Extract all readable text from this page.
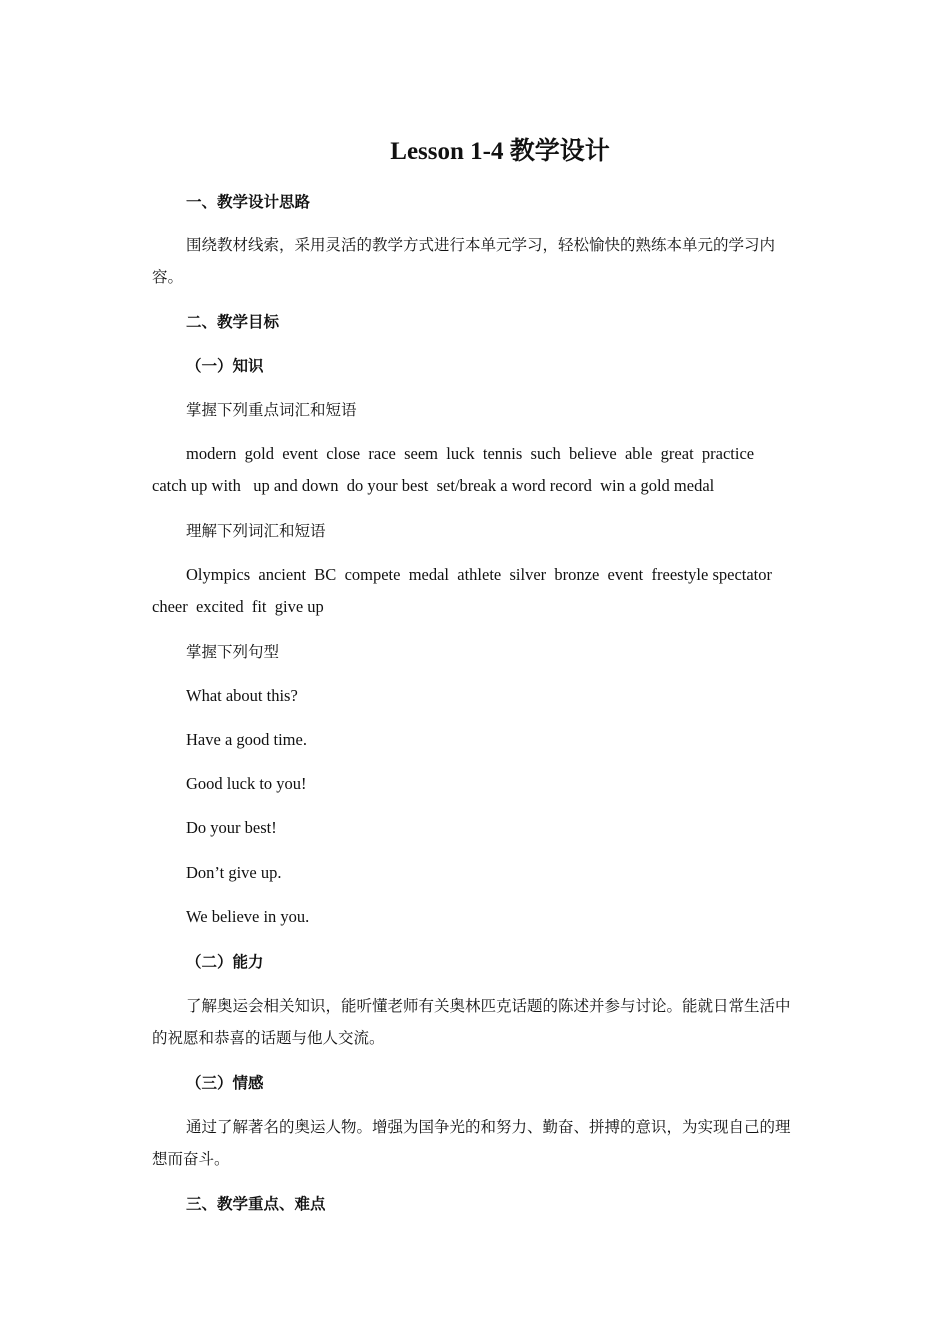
Lesson 1-4 教学设计

一、教学设计思路

围绕教材线索，采用灵活的教学方式进行本单元学习，轻松愉快的熟练本单元的学习内容。

二、教学目标

（一）知识

掌握下列重点词汇和短语

modern  gold  event  close  race  seem  luck  tennis  such  believe  able  great  practice
catch up with   up and down  do your best  set/break a word record  win a gold medal

理解下列词汇和短语

Olympics  ancient  BC  compete  medal  athlete  silver  bronze  event  freestyle spectator
cheer  excited  fit  give up

掌握下列句型

What about this?

Have a good time.

Good luck to you!

Do your best!

Don’t give up.

We believe in you.

（二）能力

了解奥运会相关知识，能听懂老师有关奥林匹克话题的陈述并参与讨论。能就日常生活中的祝愿和恭喜的话题与他人交流。

（三）情感

通过了解著名的奥运人物。增强为国争光的和努力、勤奋、拼搏的意识，为实现自己的理想而奋斗。

三、教学重点、难点
